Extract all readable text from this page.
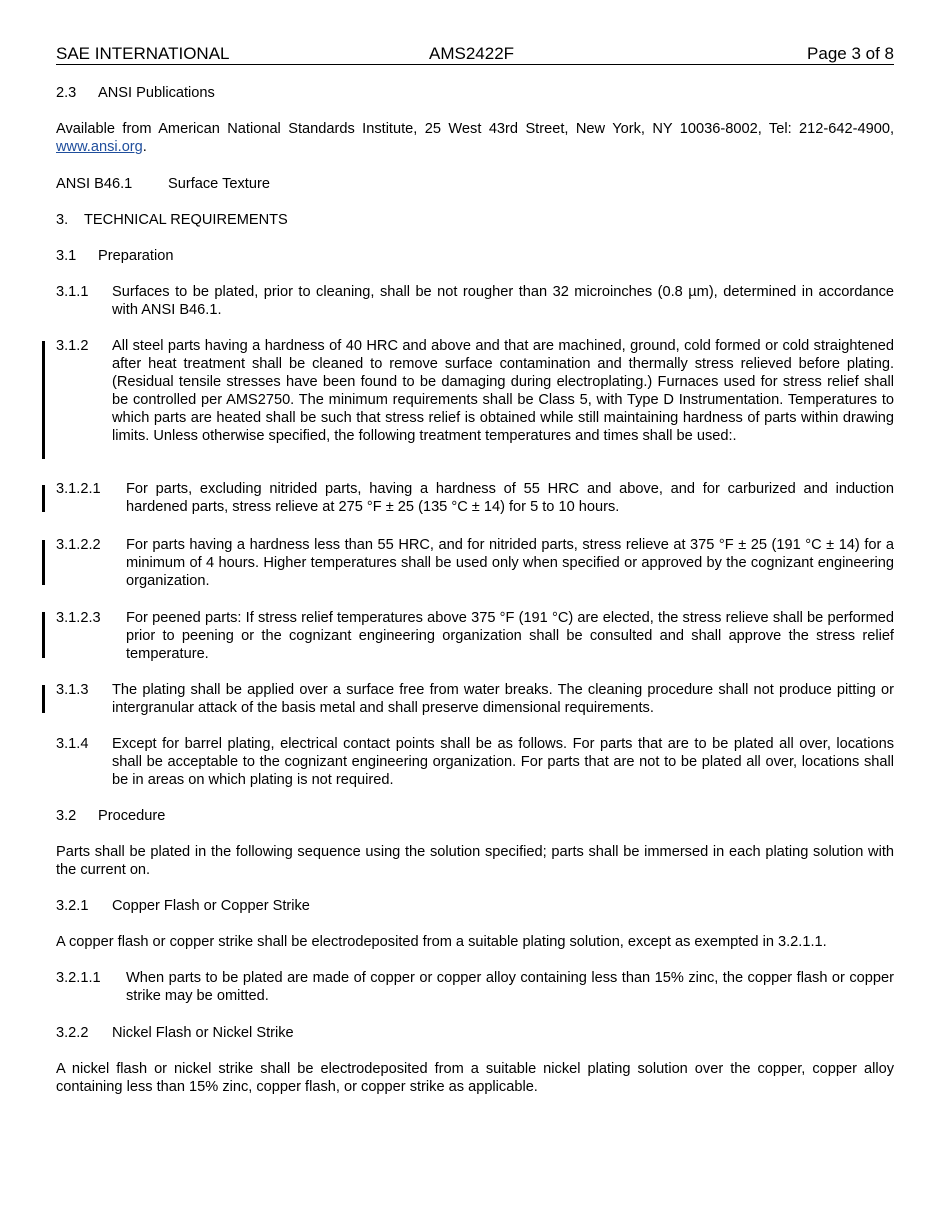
SAE INTERNATIONAL	AMS2422F	Page 3 of 8
2.3 ANSI Publications
Available from American National Standards Institute, 25 West 43rd Street, New York, NY 10036-8002, Tel: 212-642-4900, www.ansi.org.
ANSI B46.1 Surface Texture
3. TECHNICAL REQUIREMENTS
3.1 Preparation
3.1.1 Surfaces to be plated, prior to cleaning, shall be not rougher than 32 microinches (0.8 µm), determined in accordance with ANSI B46.1.
3.1.2 All steel parts having a hardness of 40 HRC and above and that are machined, ground, cold formed or cold straightened after heat treatment shall be cleaned to remove surface contamination and thermally stress relieved before plating. (Residual tensile stresses have been found to be damaging during electroplating.) Furnaces used for stress relief shall be controlled per AMS2750. The minimum requirements shall be Class 5, with Type D Instrumentation. Temperatures to which parts are heated shall be such that stress relief is obtained while still maintaining hardness of parts within drawing limits. Unless otherwise specified, the following treatment temperatures and times shall be used:.
3.1.2.1 For parts, excluding nitrided parts, having a hardness of 55 HRC and above, and for carburized and induction hardened parts, stress relieve at 275 °F ± 25 (135 °C ± 14) for 5 to 10 hours.
3.1.2.2 For parts having a hardness less than 55 HRC, and for nitrided parts, stress relieve at 375 °F ± 25 (191 °C ± 14) for a minimum of 4 hours. Higher temperatures shall be used only when specified or approved by the cognizant engineering organization.
3.1.2.3 For peened parts: If stress relief temperatures above 375 °F (191 °C) are elected, the stress relieve shall be performed prior to peening or the cognizant engineering organization shall be consulted and shall approve the stress relief temperature.
3.1.3 The plating shall be applied over a surface free from water breaks. The cleaning procedure shall not produce pitting or intergranular attack of the basis metal and shall preserve dimensional requirements.
3.1.4 Except for barrel plating, electrical contact points shall be as follows. For parts that are to be plated all over, locations shall be acceptable to the cognizant engineering organization. For parts that are not to be plated all over, locations shall be in areas on which plating is not required.
3.2 Procedure
Parts shall be plated in the following sequence using the solution specified; parts shall be immersed in each plating solution with the current on.
3.2.1 Copper Flash or Copper Strike
A copper flash or copper strike shall be electrodeposited from a suitable plating solution, except as exempted in 3.2.1.1.
3.2.1.1 When parts to be plated are made of copper or copper alloy containing less than 15% zinc, the copper flash or copper strike may be omitted.
3.2.2 Nickel Flash or Nickel Strike
A nickel flash or nickel strike shall be electrodeposited from a suitable nickel plating solution over the copper, copper alloy containing less than 15% zinc, copper flash, or copper strike as applicable.
